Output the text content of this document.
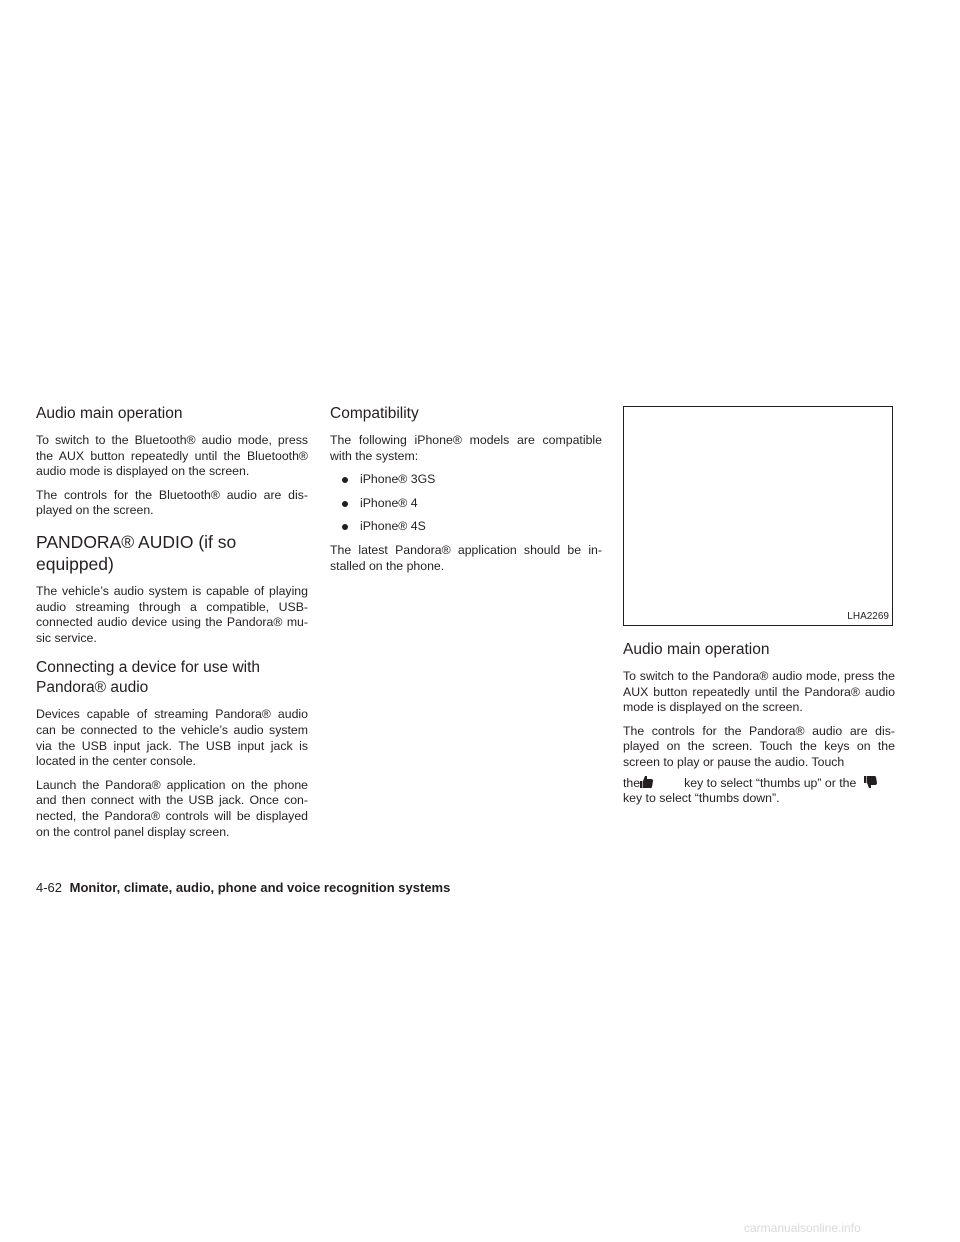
Audio main operation

To switch to the Bluetooth® audio mode, press the AUX button repeatedly until the Bluetooth® audio mode is displayed on the screen.

The controls for the Bluetooth® audio are dis-played on the screen.

PANDORA® AUDIO (if so equipped)

The vehicle’s audio system is capable of playing audio streaming through a compatible, USB-connected audio device using the Pandora® mu-sic service.

Connecting a device for use with
Pandora® audio

Devices capable of streaming Pandora® audio can be connected to the vehicle’s audio system via the USB input jack. The USB input jack is located in the center console.

Launch the Pandora® application on the phone and then connect with the USB jack. Once con-nected, the Pandora® controls will be displayed on the control panel display screen.

Compatibility

The following iPhone® models are compatible with the system:

iPhone® 3GS
iPhone® 4
iPhone® 4S

The latest Pandora® application should be in-stalled on the phone.

LHA2269
Audio main operation

To switch to the Pandora® audio mode, press the AUX button repeatedly until the Pandora® audio mode is displayed on the screen.

The controls for the Pandora® audio are dis-played on the screen. Touch the keys on the screen to play or pause the audio. Touch

the	key to select “thumbs up” or the

key to select “thumbs down”.

4-62 Monitor, climate, audio, phone and voice recognition systems
carmanualsonline.info
